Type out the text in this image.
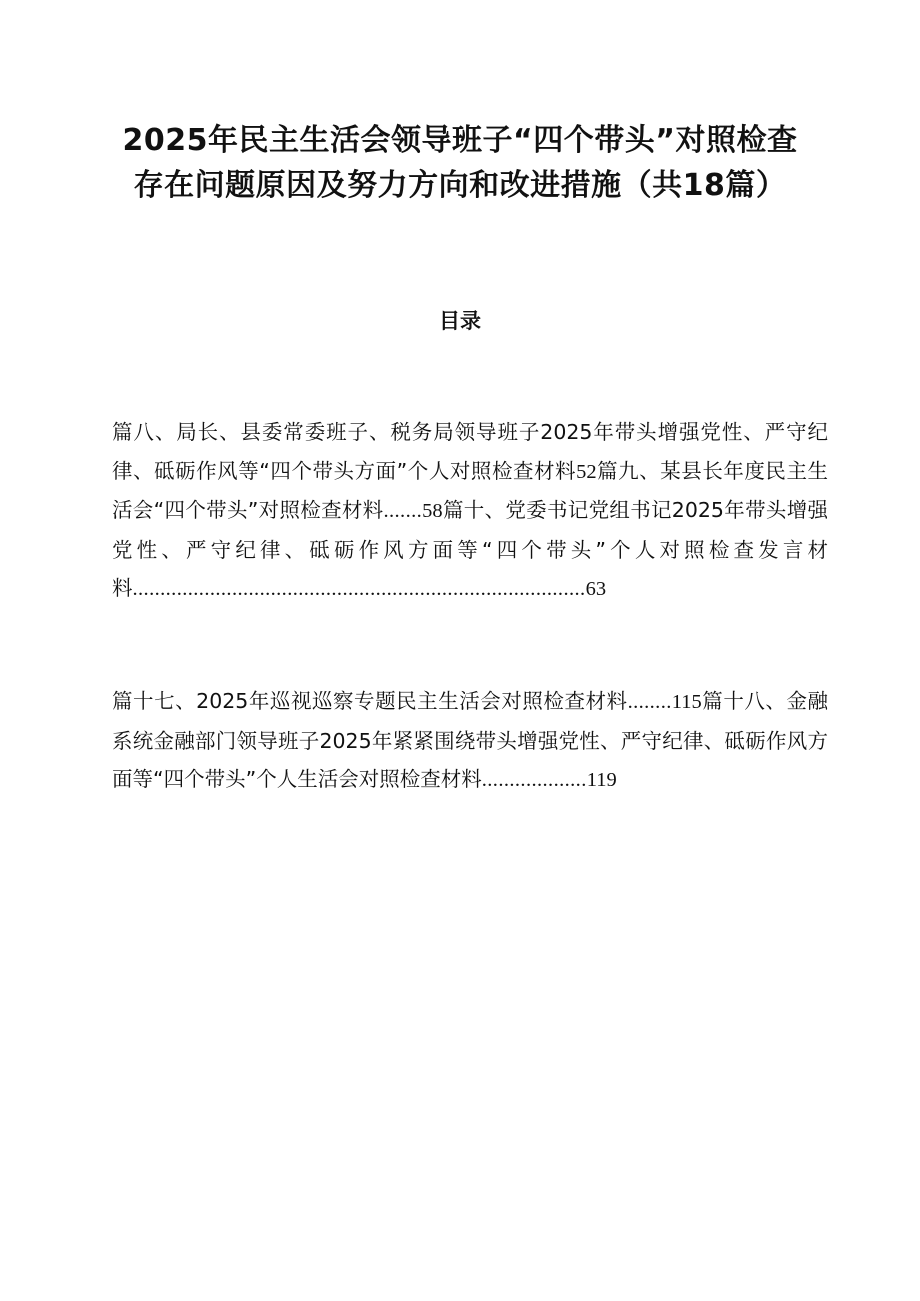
2025年民主生活会领导班子“四个带头”对照检查存在问题原因及努力方向和改进措施（共18篇）
目录

篇八、局长、县委常委班子、税务局领导班子2025年带头增强党性、严守纪律、砥砺作风等“四个带头方面”个人对照检查材料52篇九、某县长年度民主生活会“四个带头”对照检查材料.......58篇十、党委书记党组书记2025年带头增强党性、严守纪律、砥砺作风方面等“四个带头”个人对照检查发言材料..................................................................................63

篇十七、2025年巡视巡察专题民主生活会对照检查材料........115篇十八、金融系统金融部门领导班子2025年紧紧围绕带头增强党性、严守纪律、砥砺作风方面等“四个带头”个人生活会对照检查材料...................119
